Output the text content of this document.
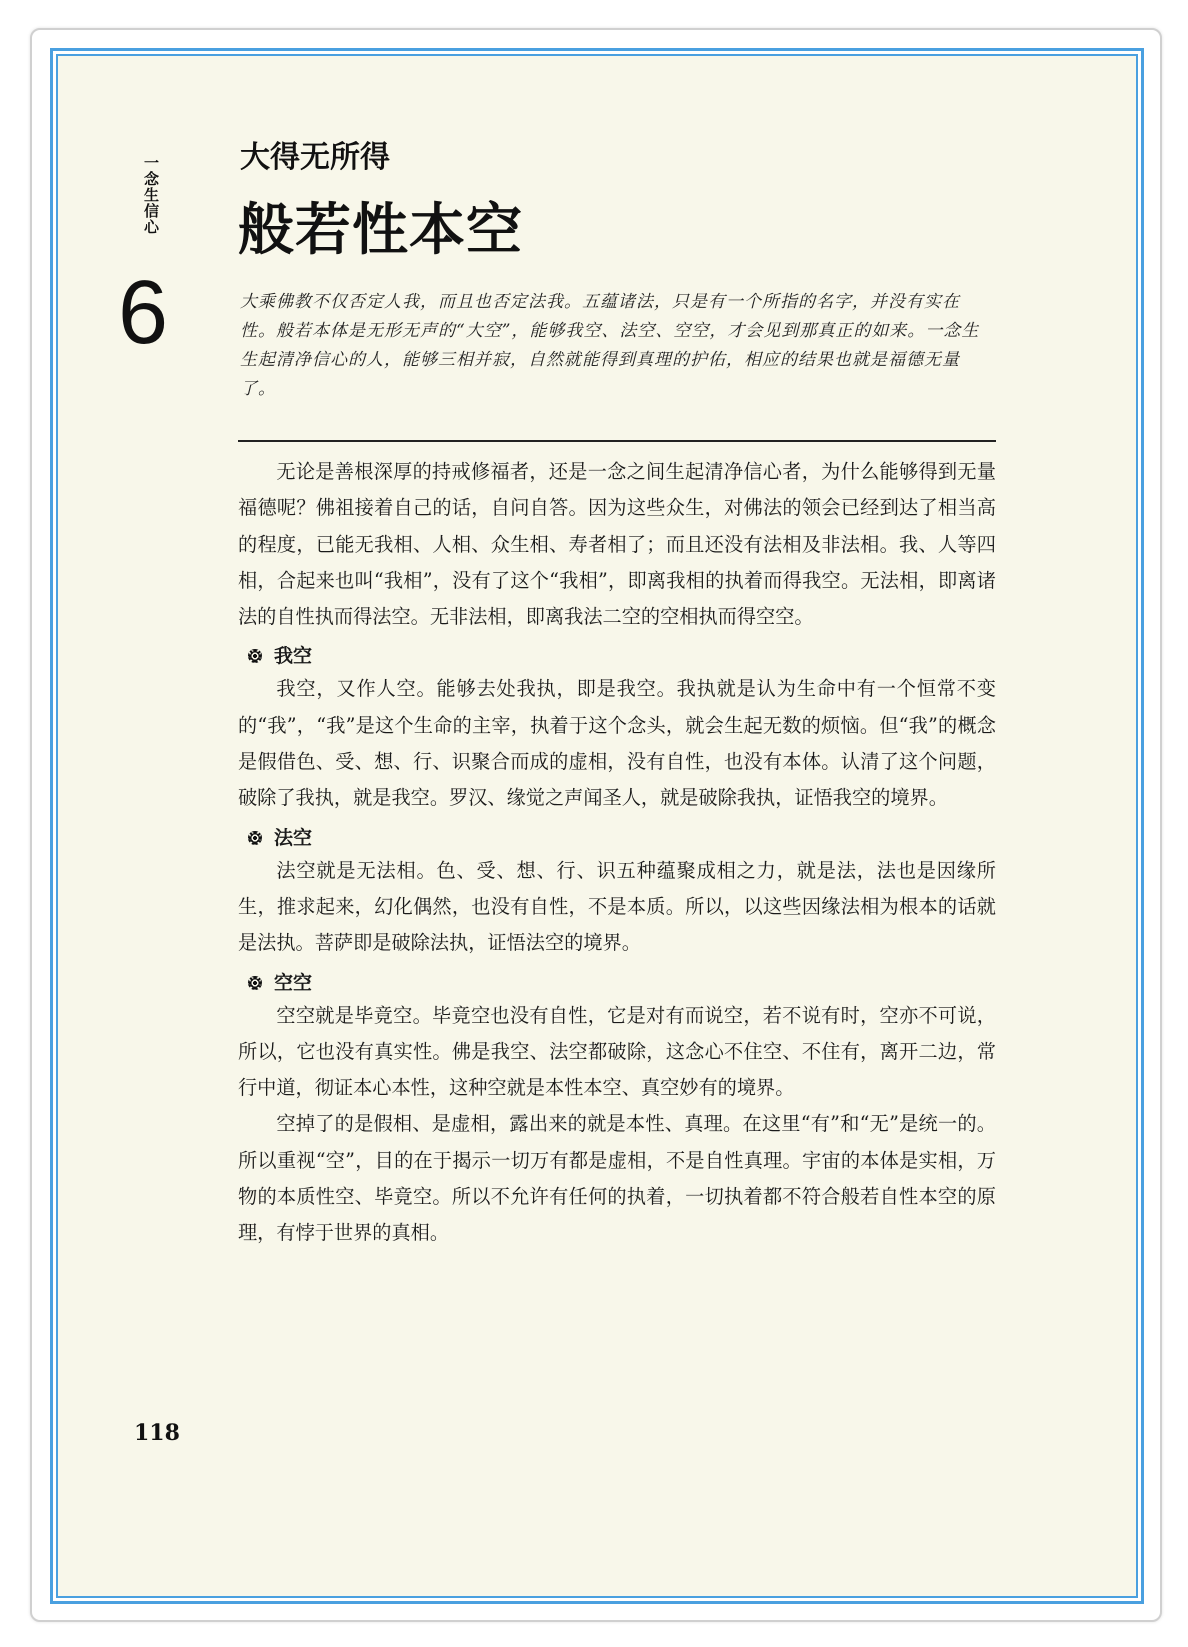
一念生信心
6
大得无所得
般若性本空
大乘佛教不仅否定人我，而且也否定法我。五蕴诸法，只是有一个所指的名字，并没有实在性。般若本体是无形无声的“大空”，能够我空、法空、空空，才会见到那真正的如来。一念生生起清净信心的人，能够三相并寂，自然就能得到真理的护佑，相应的结果也就是福德无量了。

无论是善根深厚的持戒修福者，还是一念之间生起清净信心者，为什么能够得到无量福德呢？佛祖接着自己的话，自问自答。因为这些众生，对佛法的领会已经到达了相当高的程度，已能无我相、人相、众生相、寿者相了；而且还没有法相及非法相。我、人等四相，合起来也叫“我相”，没有了这个“我相”，即离我相的执着而得我空。无法相，即离诸法的自性执而得法空。无非法相，即离我法二空的空相执而得空空。

我空

我空，又作人空。能够去处我执，即是我空。我执就是认为生命中有一个恒常不变的“我”，“我”是这个生命的主宰，执着于这个念头，就会生起无数的烦恼。但“我”的概念是假借色、受、想、行、识聚合而成的虚相，没有自性，也没有本体。认清了这个问题，破除了我执，就是我空。罗汉、缘觉之声闻圣人，就是破除我执，证悟我空的境界。

法空

法空就是无法相。色、受、想、行、识五种蕴聚成相之力，就是法，法也是因缘所生，推求起来，幻化偶然，也没有自性，不是本质。所以，以这些因缘法相为根本的话就是法执。菩萨即是破除法执，证悟法空的境界。

空空

空空就是毕竟空。毕竟空也没有自性，它是对有而说空，若不说有时，空亦不可说，所以，它也没有真实性。佛是我空、法空都破除，这念心不住空、不住有，离开二边，常行中道，彻证本心本性，这种空就是本性本空、真空妙有的境界。

空掉了的是假相、是虚相，露出来的就是本性、真理。在这里“有”和“无”是统一的。所以重视“空”，目的在于揭示一切万有都是虚相，不是自性真理。宇宙的本体是实相，万物的本质性空、毕竟空。所以不允许有任何的执着，一切执着都不符合般若自性本空的原理，有悖于世界的真相。

118
